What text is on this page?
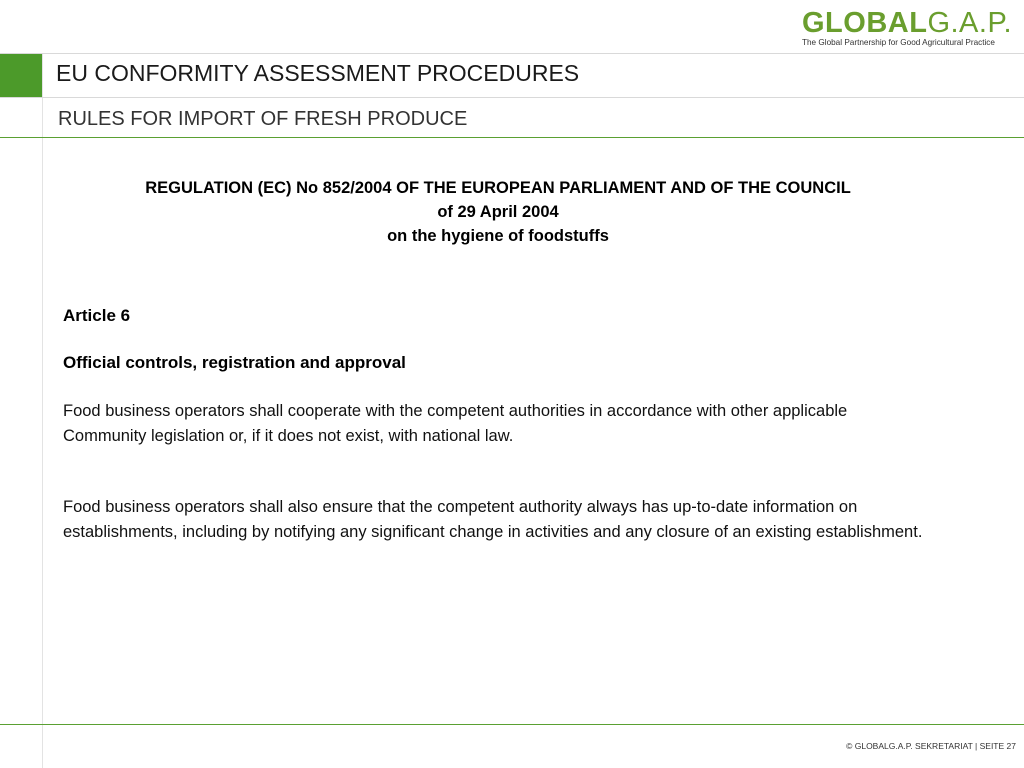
GLOBALG.A.P.
The Global Partnership for Good Agricultural Practice
EU CONFORMITY ASSESSMENT PROCEDURES
RULES FOR IMPORT OF FRESH PRODUCE
REGULATION (EC) No 852/2004 OF THE EUROPEAN PARLIAMENT AND OF THE COUNCIL
of 29 April 2004
on the hygiene of foodstuffs
Article 6
Official controls, registration and approval
Food business operators shall cooperate with the competent authorities in accordance with other applicable Community legislation or, if it does not exist, with national law.
Food business operators shall also ensure that the competent authority always has up-to-date information on establishments, including by notifying any significant change in activities and any closure of an existing establishment.
© GLOBALG.A.P. SEKRETARIAT | SEITE 27
